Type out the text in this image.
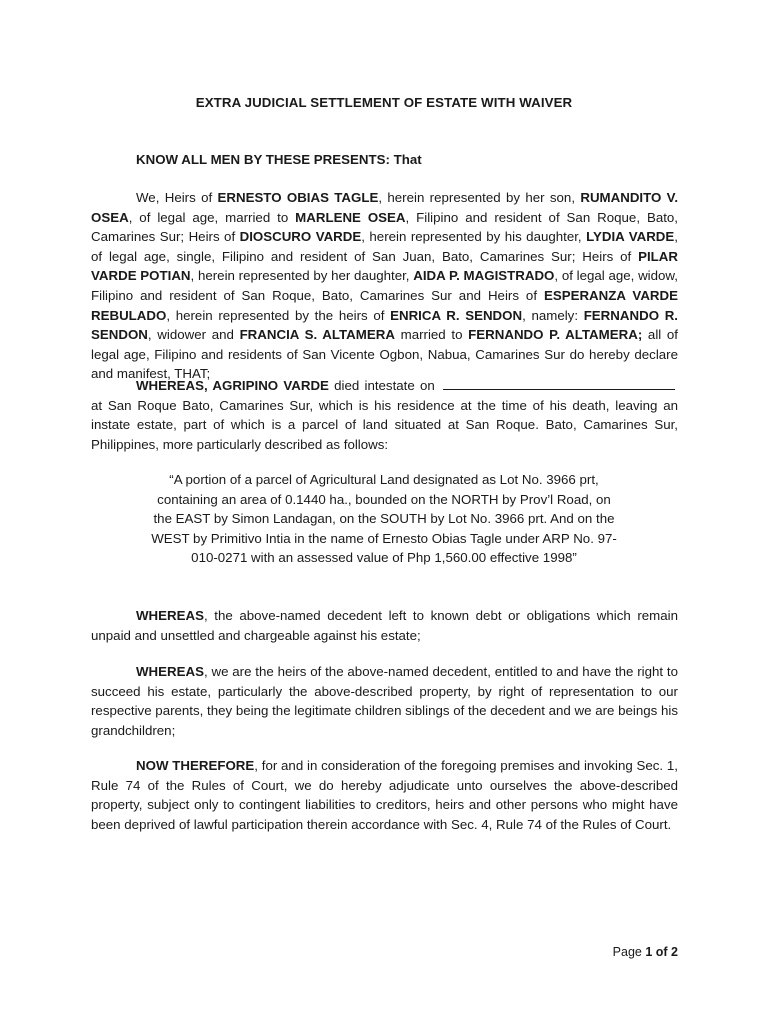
EXTRA JUDICIAL SETTLEMENT OF ESTATE WITH WAIVER
KNOW ALL MEN BY THESE PRESENTS: That
We, Heirs of ERNESTO OBIAS TAGLE, herein represented by her son, RUMANDITO V. OSEA, of legal age, married to MARLENE OSEA, Filipino and resident of San Roque, Bato, Camarines Sur; Heirs of DIOSCURO VARDE, herein represented by his daughter, LYDIA VARDE, of legal age, single, Filipino and resident of San Juan, Bato, Camarines Sur; Heirs of PILAR VARDE POTIAN, herein represented by her daughter, AIDA P. MAGISTRADO, of legal age, widow, Filipino and resident of San Roque, Bato, Camarines Sur and Heirs of ESPERANZA VARDE REBULADO, herein represented by the heirs of ENRICA R. SENDON, namely: FERNANDO R. SENDON, widower and FRANCIA S. ALTAMERA married to FERNANDO P. ALTAMERA; all of legal age, Filipino and residents of San Vicente Ogbon, Nabua, Camarines Sur do hereby declare and manifest, THAT;
WHEREAS, AGRIPINO VARDE died intestate on  at San Roque Bato, Camarines Sur, which is his residence at the time of his death, leaving an instate estate, part of which is a parcel of land situated at San Roque. Bato, Camarines Sur, Philippines, more particularly described as follows:
“A portion of a parcel of Agricultural Land designated as Lot No. 3966 prt, containing an area of 0.1440 ha., bounded on the NORTH by Prov’l Road, on the EAST by Simon Landagan, on the SOUTH by Lot No. 3966 prt. And on the WEST by Primitivo Intia in the name of Ernesto Obias Tagle under ARP No. 97-010-0271 with an assessed value of Php 1,560.00 effective 1998”
WHEREAS, the above-named decedent left to known debt or obligations which remain unpaid and unsettled and chargeable against his estate;
WHEREAS, we are the heirs of the above-named decedent, entitled to and have the right to succeed his estate, particularly the above-described property, by right of representation to our respective parents, they being the legitimate children siblings of the decedent and we are beings his grandchildren;
NOW THEREFORE, for and in consideration of the foregoing premises and invoking Sec. 1, Rule 74 of the Rules of Court, we do hereby adjudicate unto ourselves the above-described property, subject only to contingent liabilities to creditors, heirs and other persons who might have been deprived of lawful participation therein accordance with Sec. 4, Rule 74 of the Rules of Court.
Page 1 of 2
